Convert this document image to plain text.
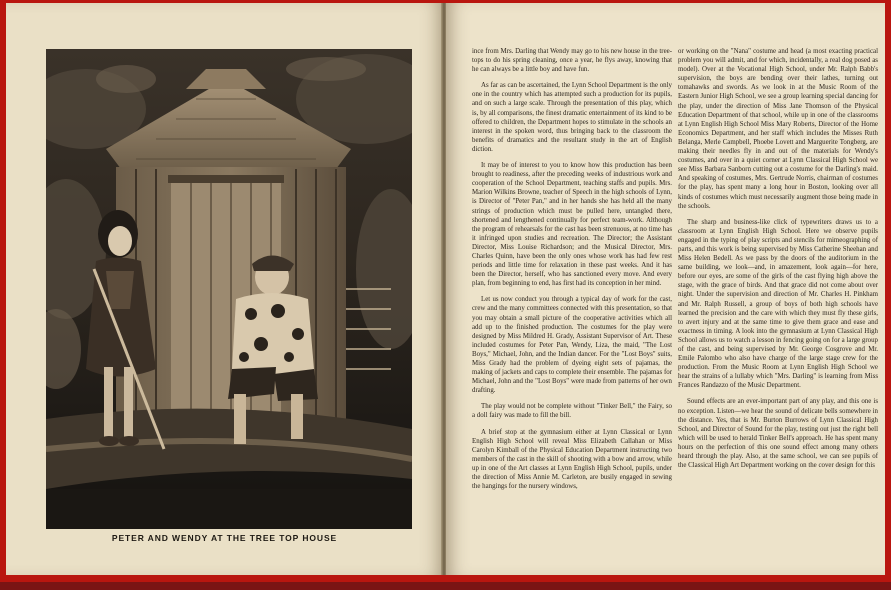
PETER AND WENDY AT THE TREE TOP HOUSE

ince from Mrs. Darling that Wendy may go to his new house in the tree-tops to do his spring cleaning, once a year, he flys away, knowing that he can always be a little boy and have fun.

As far as can be ascertained, the Lynn School Department is the only one in the country which has attempted such a production for its pupils, and on such a large scale. Through the presentation of this play, which is, by all comparisons, the finest dramatic entertainment of its kind to be offered to children, the Department hopes to stimulate in the schools an interest in the spoken word, thus bringing back to the classroom the benefits of dramatics and the resultant study in the art of English diction.

It may be of interest to you to know how this production has been brought to readiness, after the preceding weeks of industrious work and cooperation of the School Department, teaching staffs and pupils. Mrs. Marion Wilkins Browne, teacher of Speech in the high schools of Lynn, is Director of "Peter Pan," and in her hands she has held all the many strings of production which must be pulled here, untangled there, shortened and lengthened continually for perfect team-work. Although the program of rehearsals for the cast has been strenuous, at no time has it infringed upon studies and recreation. The Director; the Assistant Director, Miss Louise Richardson; and the Musical Director, Mrs. Charles Quinn, have been the only ones whose work has had few rest periods and little time for relaxation in these past weeks. And it has been the Director, herself, who has sanctioned every move. And every plan, from beginning to end, has first had its conception in her mind.

Let us now conduct you through a typical day of work for the cast, crew and the many committees connected with this presentation, so that you may obtain a small picture of the cooperative activities which all add up to the finished production. The costumes for the play were designed by Miss Mildred H. Grady, Assistant Supervisor of Art. These included costumes for Peter Pan, Wendy, Liza, the maid, "The Lost Boys," Michael, John, and the Indian dancer. For the "Lost Boys" suits, Miss Grady had the problem of dyeing eight sets of pajamas, the making of jackets and caps to complete their ensemble. The pajamas for Michael, John and the "Lost Boys" were made from patterns of her own drafting.

The play would not be complete without "Tinker Bell," the Fairy, so a doll fairy was made to fill the bill.

A brief stop at the gymnasium either at Lynn Classical or Lynn English High School will reveal Miss Elizabeth Callahan or Miss Carolyn Kimball of the Physical Education Department instructing two members of the cast in the skill of shooting with a bow and arrow, while up in one of the Art classes at Lynn English High School, pupils, under the direction of Miss Annie M. Carleton, are busily engaged in sewing the hangings for the nursery windows,

or working on the "Nana" costume and head (a most exacting practical problem you will admit, and for which, incidentally, a real dog posed as model). Over at the Vocational High School, under Mr. Ralph Babb's supervision, the boys are bending over their lathes, turning out tomahawks and swords. As we look in at the Music Room of the Eastern Junior High School, we see a group learning special dancing for the play, under the direction of Miss Jane Thomson of the Physical Education Department of that school, while up in one of the classrooms at Lynn English High School Miss Mary Roberts, Director of the Home Economics Department, and her staff which includes the Misses Ruth Belanga, Merle Campbell, Phoebe Lovett and Marguerite Tongberg, are making their needles fly in and out of the materials for Wendy's costumes, and over in a quiet corner at Lynn Classical High School we see Miss Barbara Sanborn cutting out a costume for the Darling's maid. And speaking of costumes, Mrs. Gertrude Norris, chairman of costumes for the play, has spent many a long hour in Boston, looking over all kinds of costumes which must necessarily augment those being made in the schools.

The sharp and business-like click of typewriters draws us to a classroom at Lynn English High School. Here we observe pupils engaged in the typing of play scripts and stencils for mimeographing of parts, and this work is being supervised by Miss Catherine Sheehan and Miss Helen Bedell. As we pass by the doors of the auditorium in the same building, we look—and, in amazement, look again—for here, before our eyes, are some of the girls of the cast flying high above the stage, with the grace of birds. And that grace did not come about over night. Under the supervision and direction of Mr. Charles H. Pinkham and Mr. Ralph Russell, a group of boys of both high schools have learned the precision and the care with which they must fly these girls, to avert injury and at the same time to give them grace and ease and exactness in timing. A look into the gymnasium at Lynn Classical High School allows us to watch a lesson in fencing going on for a large group of the cast, and being supervised by Mr. George Cosgrove and Mr. Emile Palombo who also have charge of the large stage crew for the production. From the Music Room at Lynn English High School we hear the strains of a lullaby which "Mrs. Darling" is learning from Miss Frances Randazzo of the Music Department.

Sound effects are an ever-important part of any play, and this one is no exception. Listen—we hear the sound of delicate bells somewhere in the distance. Yes, that is Mr. Burton Burrows of Lynn Classical High School, and Director of Sound for the play, testing out just the right bell which will be used to herald Tinker Bell's approach. He has spent many hours on the perfection of this one sound effect among many others heard through the play. Also, at the same school, we can see pupils of the Classical High Art Department working on the cover design for this
